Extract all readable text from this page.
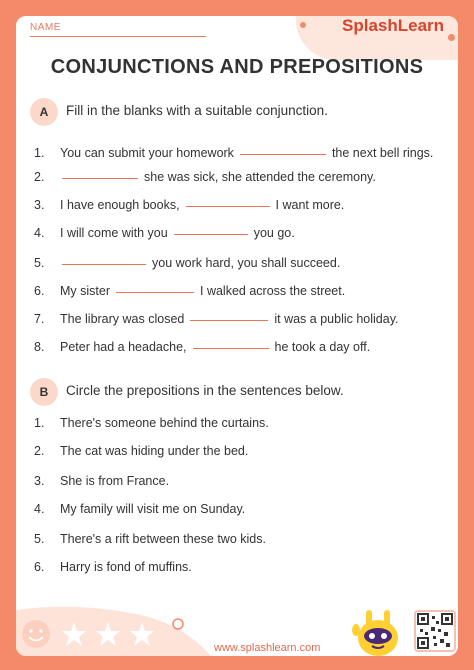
NAME	SplashLearn
CONJUNCTIONS AND PREPOSITIONS
A	Fill in the blanks with a suitable conjunction.
1. You can submit your homework	the next bell rings.
2.	she was sick, she attended the ceremony.
3. I have enough books,	I want more.
4. I will come with you	you go.
5.	you work hard, you shall succeed.
6. My sister	I walked across the street.
7. The library was closed	it was a public holiday.
8. Peter had a headache,	he took a day off.
B	Circle the prepositions in the sentences below.
1. There's someone behind the curtains.
2. The cat was hiding under the bed.
3. She is from France.
4. My family will visit me on Sunday.
5. There's a rift between these two kids.
6. Harry is fond of muffins.
www.splashlearn.com
